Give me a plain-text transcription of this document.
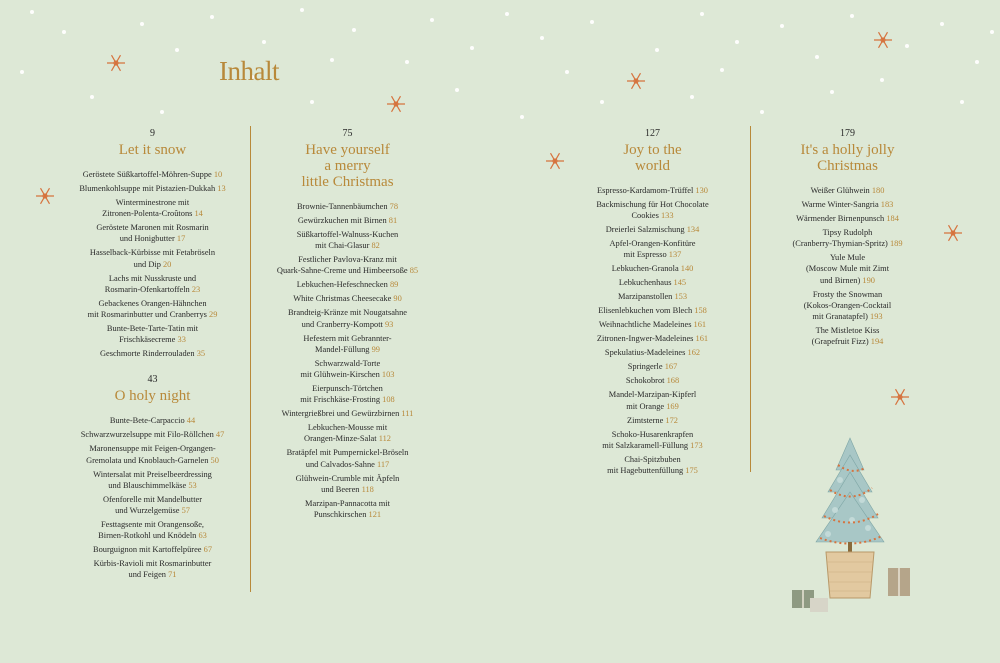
Inhalt
9
Let it snow
Geröstete Süßkartoffel-Möhren-Suppe 10
Blumenkohlsuppe mit Pistazien-Dukkah 13
Winterminestrone mit
Zitronen-Polenta-Croûtons 14
Geröstete Maronen mit Rosmarin
und Honigbutter 17
Hasselback-Kürbisse mit Fetabröseln
und Dip 20
Lachs mit Nusskruste und
Rosmarin-Ofenkartoffeln 23
Gebackenes Orangen-Hähnchen
mit Rosmarinbutter und Cranberrys 29
Bunte-Bete-Tarte-Tatin mit
Frischkäsecreme 33
Geschmorte Rinderrouladen 35
43
O holy night
Bunte-Bete-Carpaccio 44
Schwarzwurzelsuppe mit Filo-Röllchen 47
Maronensuppe mit Feigen-Organgen-
Gremolata und Knoblauch-Garnelen 50
Wintersalat mit Preiselbeerdressing
und Blauschimmelkäse 53
Ofenforelle mit Mandelbutter
und Wurzelgemüse 57
Festtagsente mit Orangensoße,
Birnen-Rotkohl und Knödeln 63
Bourguignon mit Kartoffelpüree 67
Kürbis-Ravioli mit Rosmarinbutter
und Feigen 71
75
Have yourself
a merry
little Christmas
Brownie-Tannenbäumchen 78
Gewürzkuchen mit Birnen 81
Süßkartoffel-Walnuss-Kuchen
mit Chai-Glasur 82
Festlicher Pavlova-Kranz mit
Quark-Sahne-Creme und Himbeersoße 85
Lebkuchen-Hefeschnecken 89
White Christmas Cheesecake 90
Brandteig-Kränze mit Nougatsahne
und Cranberry-Kompott 93
Hefestern mit Gebrannter-
Mandel-Füllung 99
Schwarzwald-Torte
mit Glühwein-Kirschen 103
Eierpunsch-Törtchen
mit Frischkäse-Frosting 108
Wintergrießbrei und Gewürzbirnen 111
Lebkuchen-Mousse mit
Orangen-Minze-Salat 112
Bratäpfel mit Pumpernickel-Bröseln
und Calvados-Sahne 117
Glühwein-Crumble mit Äpfeln
und Beeren 118
Marzipan-Pannacotta mit
Punschkirschen 121
127
Joy to the
world
Espresso-Kardamom-Trüffel 130
Backmischung für Hot Chocolate
Cookies 133
Dreierlei Salzmischung 134
Apfel-Orangen-Konfitüre
mit Espresso 137
Lebkuchen-Granola 140
Lebkuchenhaus 145
Marzipanstollen 153
Elisenlebkuchen vom Blech 158
Weihnachtliche Madeleines 161
Zitronen-Ingwer-Madeleines 161
Spekulatius-Madeleines 162
Springerle 167
Schokobrot 168
Mandel-Marzipan-Kipferl
mit Orange 169
Zimtsterne 172
Schoko-Husarenkrapfen
mit Salzkaramell-Füllung 173
Chai-Spitzbuben
mit Hagebuttenfüllung 175
179
It's a holly jolly
Christmas
Weißer Glühwein 180
Warme Winter-Sangria 183
Wärmender Birnenpunsch 184
Tipsy Rudolph
(Cranberry-Thymian-Spritz) 189
Yule Mule
(Moscow Mule mit Zimt
und Birnen) 190
Frosty the Snowman
(Kokos-Orangen-Cocktail
mit Granatapfel) 193
The Mistletoe Kiss
(Grapefruit Fizz) 194
